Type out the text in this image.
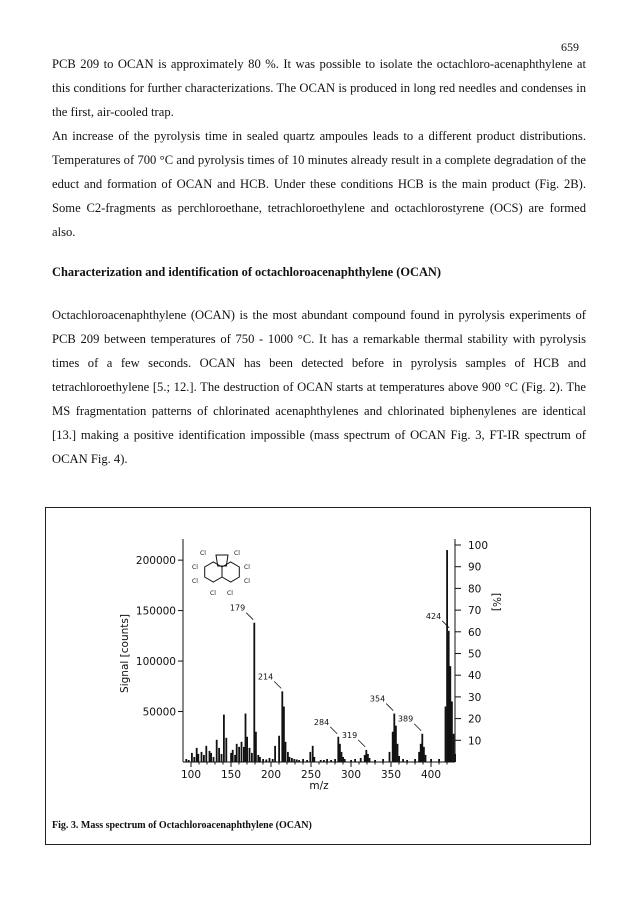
659

PCB 209 to OCAN is approximately 80 %. It was possible to isolate the octachloro-acenaphthylene at this conditions for further characterizations. The OCAN is produced in long red needles and condenses in the first, air-cooled trap.

An increase of the pyrolysis time in sealed quartz ampoules leads to a different product distributions. Temperatures of 700 °C and pyrolysis times of 10 minutes already result in a complete degradation of the educt and formation of OCAN and HCB. Under these conditions HCB is the main product (Fig. 2B). Some C2-fragments as perchloroethane, tetrachloroethylene and octachlorostyrene (OCS) are formed also.

Characterization and identification of octachloroacenaphthylene (OCAN)

Octachloroacenaphthylene (OCAN) is the most abundant compound found in pyrolysis experiments of PCB 209 between temperatures of 750 - 1000 °C. It has a remarkable thermal stability with pyrolysis times of a few seconds. OCAN has been detected before in pyrolysis samples of HCB and tetrachloroethylene [5.; 12.]. The destruction of OCAN starts at temperatures above 900 °C (Fig. 2). The MS fragmentation patterns of chlorinated acenaphthylenes and chlorinated biphenylenes are identical [13.] making a positive identification impossible (mass spectrum of OCAN Fig. 3, FT-IR spectrum of OCAN Fig. 4).

50000
100000
150000
200000
10
20
30
40
50
60
70
80
90
100
100 150 200 250 300 350 400
m/z
Signal [counts]
[%]
179
214
284
319
354
389
424
Cl	Cl
Cl	Cl
Cl	Cl
Cl Cl

Fig. 3. Mass spectrum of Octachloroacenaphthylene (OCAN)
